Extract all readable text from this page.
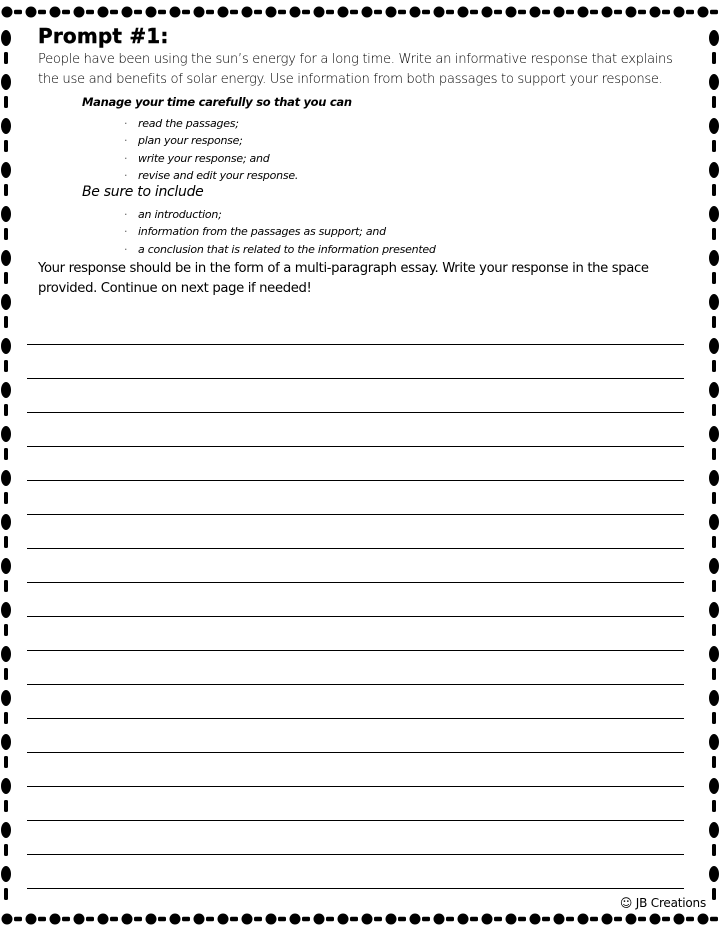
Prompt #1:

People have been using the sun’s energy for a long time. Write an informative response that explains the use and benefits of solar energy. Use information from both passages to support your response.

Manage your time carefully so that you can

· read the passages;
· plan your response;
· write your response; and
· revise and edit your response.

Be sure to include

· an introduction;
· information from the passages as support; and
· a conclusion that is related to the information presented

Your response should be in the form of a multi-paragraph essay. Write your response in the space provided. Continue on next page if needed!

☺ JB Creations
